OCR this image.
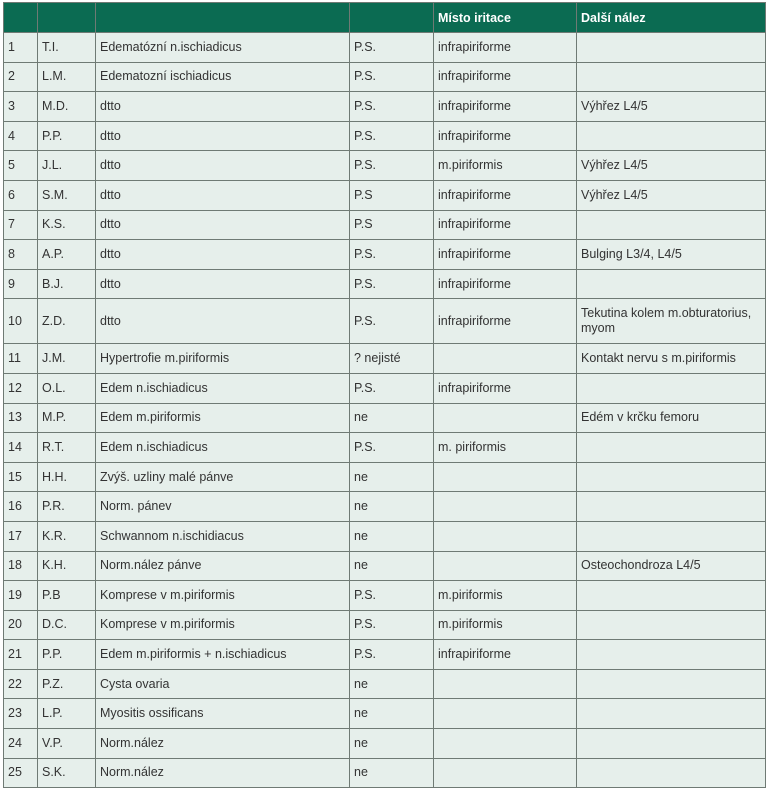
				Místo iritace	Další nález
1	T.I.	Edematózní n.ischiadicus	P.S.	infrapiriforme	
2	L.M.	Edematozní ischiadicus	P.S.	infrapiriforme	
3	M.D.	dtto	P.S.	infrapiriforme	Výhřez L4/5
4	P.P.	dtto	P.S.	infrapiriforme	
5	J.L.	dtto	P.S.	m.piriformis	Výhřez L4/5
6	S.M.	dtto	P.S	infrapiriforme	Výhřez L4/5
7	K.S.	dtto	P.S	infrapiriforme	
8	A.P.	dtto	P.S.	infrapiriforme	Bulging L3/4, L4/5
9	B.J.	dtto	P.S.	infrapiriforme	
10	Z.D.	dtto	P.S.	infrapiriforme	Tekutina kolem m.obturatorius, myom
11	J.M.	Hypertrofie m.piriformis	? nejisté		Kontakt nervu s m.piriformis
12	O.L.	Edem n.ischiadicus	P.S.	infrapiriforme	
13	M.P.	Edem m.piriformis	ne		Edém v krčku femoru
14	R.T.	Edem n.ischiadicus	P.S.	m. piriformis	
15	H.H.	Zvýš. uzliny malé pánve	ne		
16	P.R.	Norm. pánev	ne		
17	K.R.	Schwannom n.ischidiacus	ne		
18	K.H.	Norm.nález pánve	ne		Osteochondroza L4/5
19	P.B	Komprese v m.piriformis	P.S.	m.piriformis	
20	D.C.	Komprese v m.piriformis	P.S.	m.piriformis	
21	P.P.	Edem m.piriformis + n.ischiadicus	P.S.	infrapiriforme	
22	P.Z.	Cysta ovaria	ne		
23	L.P.	Myositis ossificans	ne		
24	V.P.	Norm.nález	ne		
25	S.K.	Norm.nález	ne		
